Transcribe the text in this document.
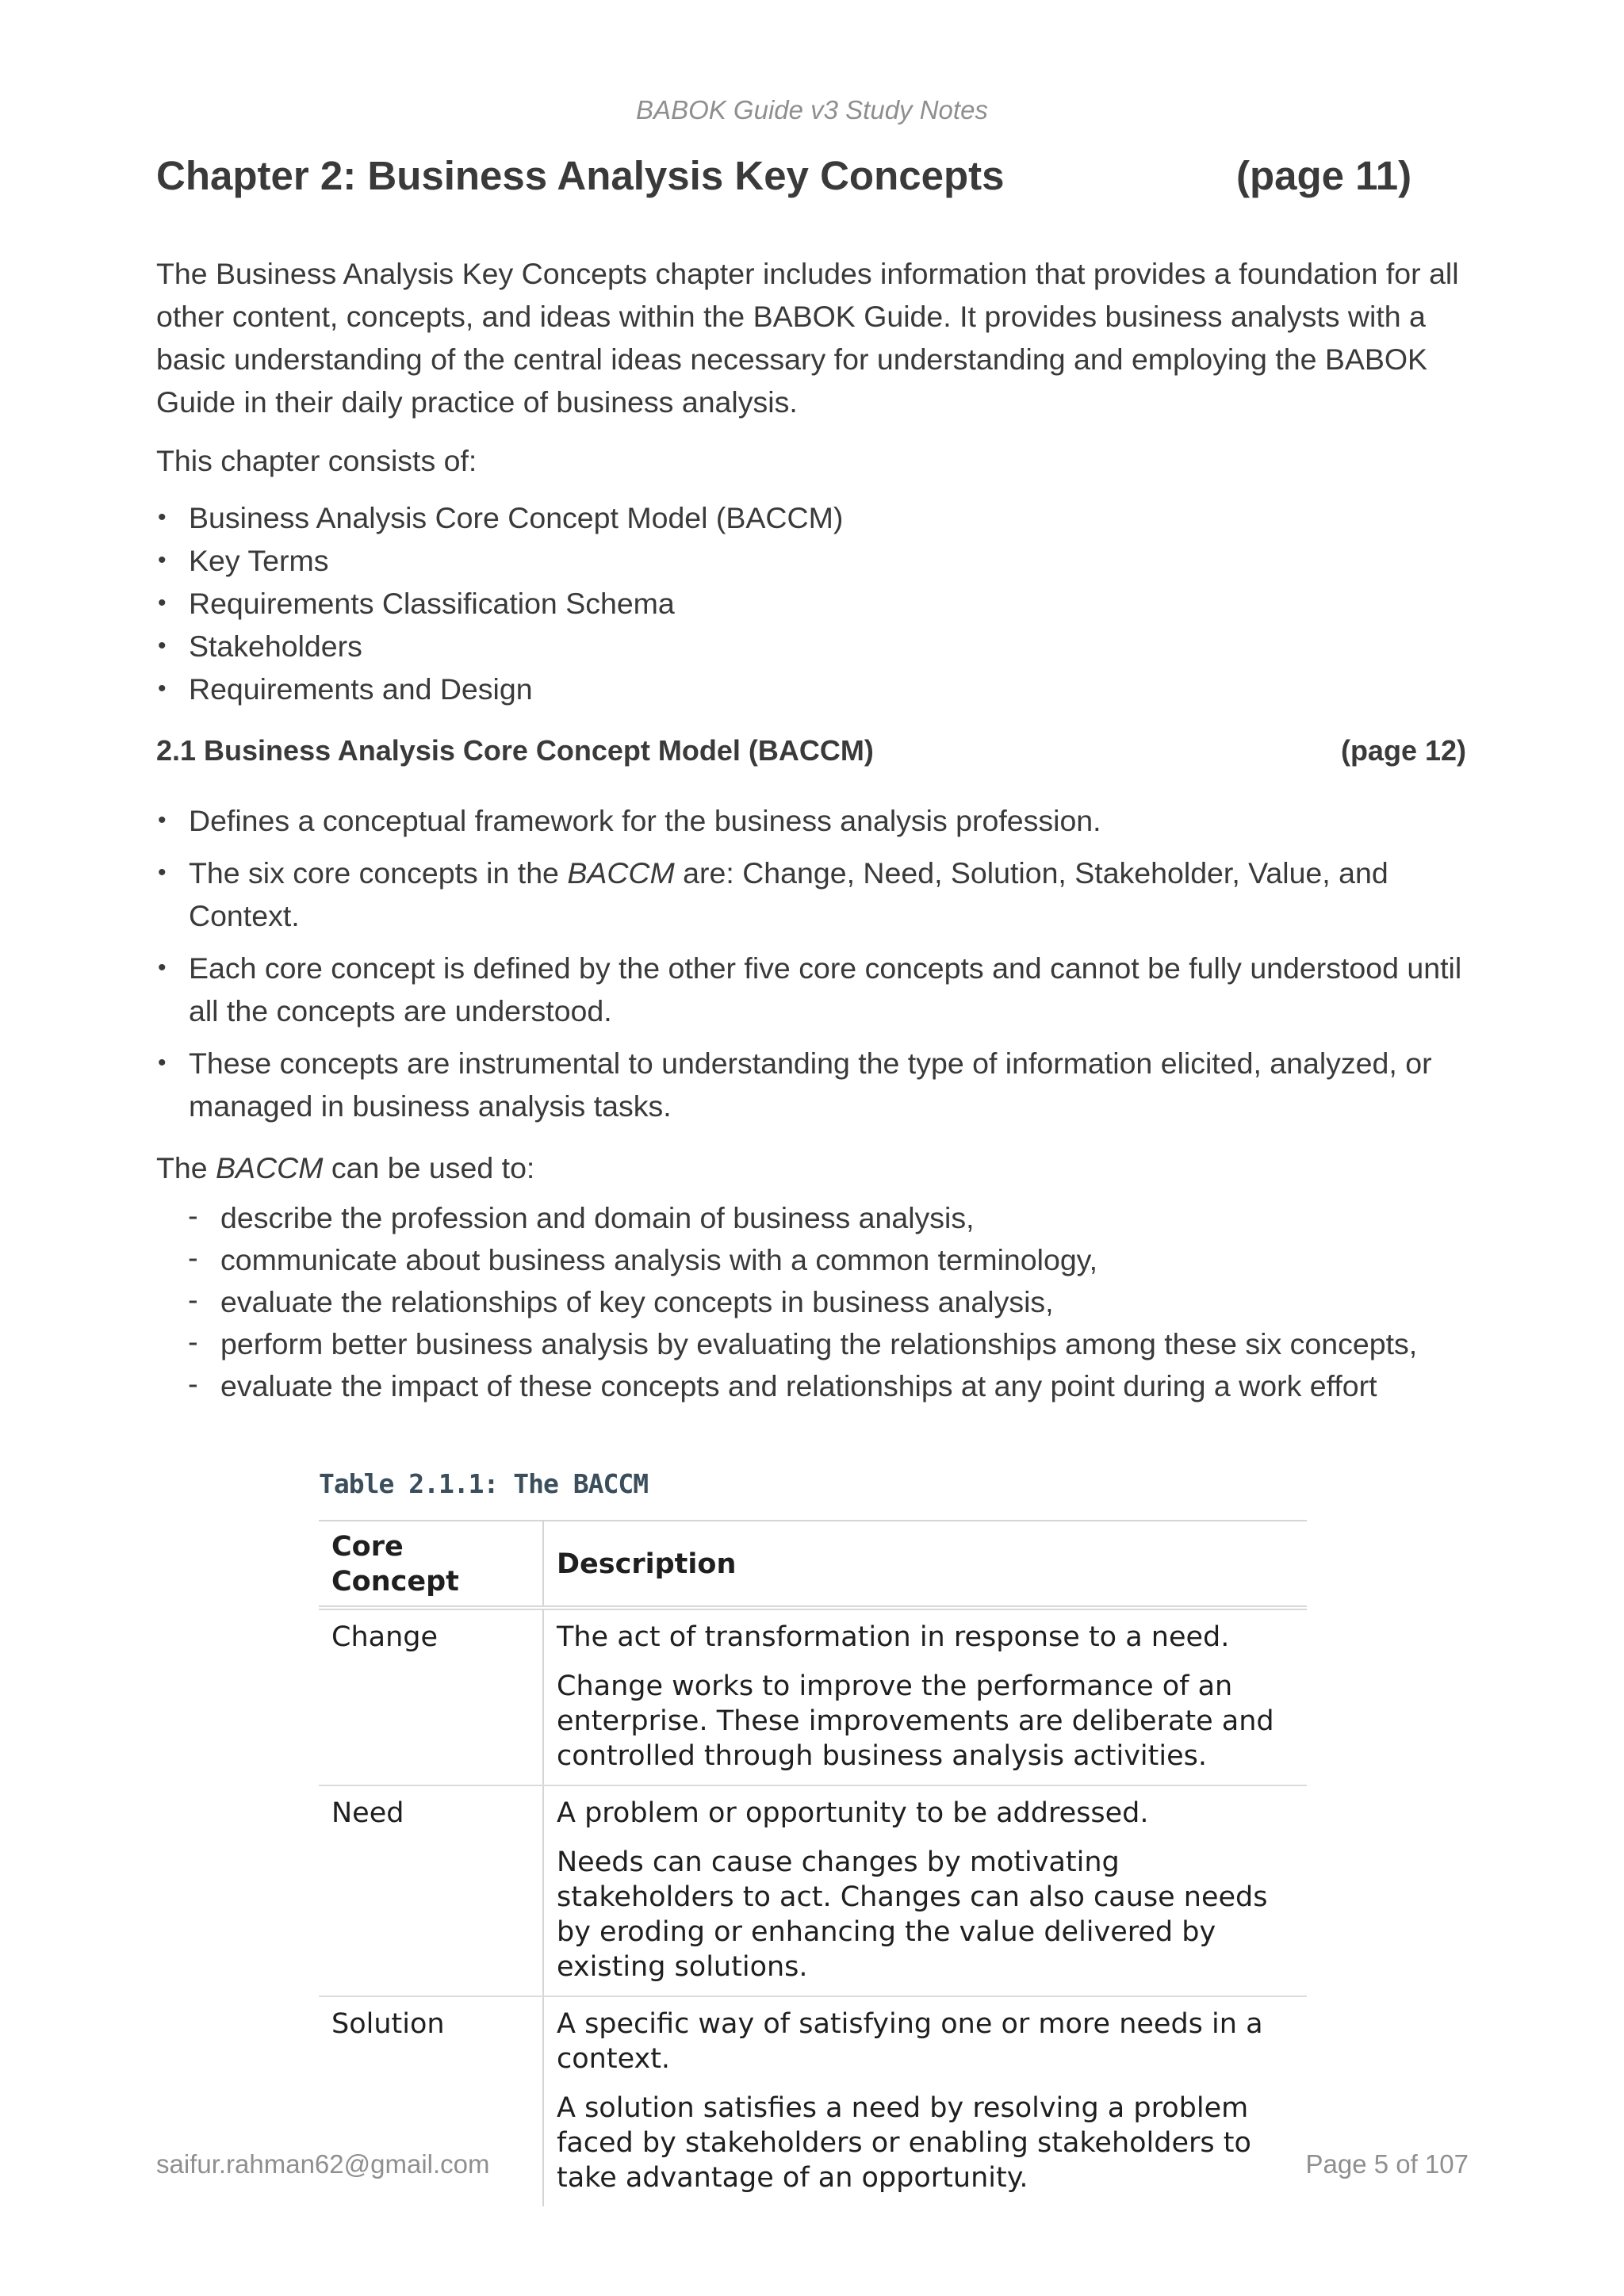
BABOK Guide v3 Study Notes
Chapter 2: Business Analysis Key Concepts	(page 11)

The Business Analysis Key Concepts chapter includes information that provides a foundation for all other content, concepts, and ideas within the BABOK Guide. It provides business analysts with a basic understanding of the central ideas necessary for understanding and employing the BABOK Guide in their daily practice of business analysis.

This chapter consists of:

• Business Analysis Core Concept Model (BACCM)
• Key Terms
• Requirements Classification Schema
• Stakeholders
• Requirements and Design
2.1 Business Analysis Core Concept Model (BACCM)	(page 12)
• Defines a conceptual framework for the business analysis profession.
• The six core concepts in the BACCM are: Change, Need, Solution, Stakeholder, Value, and Context.
• Each core concept is defined by the other five core concepts and cannot be fully understood until all the concepts are understood.
• These concepts are instrumental to understanding the type of information elicited, analyzed, or managed in business analysis tasks.

The BACCM can be used to:

- describe the profession and domain of business analysis,
- communicate about business analysis with a common terminology,
- evaluate the relationships of key concepts in business analysis,
- perform better business analysis by evaluating the relationships among these six concepts,
- evaluate the impact of these concepts and relationships at any point during a work effort
Table 2.1.1: The BACCM
Core Concept	Description
Change	The act of transformation in response to a need.
Change works to improve the performance of an enterprise. These improvements are deliberate and controlled through business analysis activities.

Need	A problem or opportunity to be addressed.
Needs can cause changes by motivating stakeholders to act. Changes can also cause needs by eroding or enhancing the value delivered by existing solutions.

Solution	A specific way of satisfying one or more needs in a context.
A solution satisfies a need by resolving a problem faced by stakeholders or enabling stakeholders to take advantage of an opportunity.
saifur.rahman62@gmail.com	Page 5 of 107
